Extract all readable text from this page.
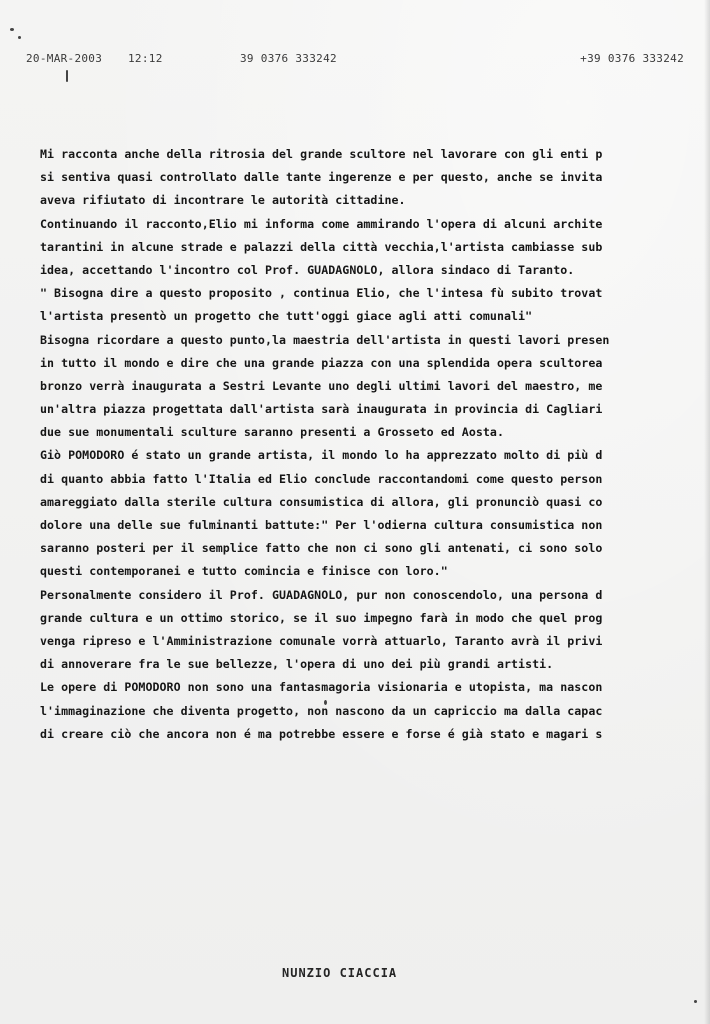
20-MAR-2003 12:12	39 0376 333242	+39 0376 333242
Mi racconta anche della ritrosia del grande scultore nel lavorare con gli enti p
si sentiva quasi controllato dalle tante ingerenze e per questo, anche se invita
aveva rifiutato di incontrare le autorità cittadine.
Continuando il racconto,Elio mi informa come ammirando l'opera di alcuni archite
tarantini in alcune strade e palazzi della città vecchia,l'artista cambiasse sub
idea, accettando l'incontro col Prof. GUADAGNOLO, allora sindaco di Taranto.
" Bisogna dire a questo proposito , continua Elio, che l'intesa fù subito trovat
l'artista presentò un progetto che tutt'oggi giace agli atti comunali"
Bisogna ricordare a questo punto,la maestria dell'artista in questi lavori presen
in tutto il mondo e dire che una grande piazza con una splendida opera scultorea
bronzo verrà inaugurata a Sestri Levante uno degli ultimi lavori del maestro, me
un'altra piazza progettata dall'artista sarà inaugurata in provincia di Cagliari
due sue monumentali sculture saranno presenti a Grosseto ed Aosta.
Giò POMODORO é stato un grande artista, il mondo lo ha apprezzato molto di più d
di quanto abbia fatto l'Italia ed Elio conclude raccontandomi come questo person
amareggiato dalla sterile cultura consumistica di allora, gli pronunciò quasi co
dolore una delle sue fulminanti battute:" Per l'odierna cultura consumistica non
saranno posteri per il semplice fatto che non ci sono gli antenati, ci sono solo
questi contemporanei e tutto comincia e finisce con loro."
Personalmente considero il Prof. GUADAGNOLO, pur non conoscendolo, una persona d
grande cultura e un ottimo storico, se il suo impegno farà in modo che quel prog
venga ripreso e l'Amministrazione comunale vorrà attuarlo, Taranto avrà il privi
di annoverare fra le sue bellezze, l'opera di uno dei più grandi artisti.
Le opere di POMODORO non sono una fantasmagoria visionaria e utopista, ma nascon
l'immaginazione che diventa progetto, non nascono da un capriccio ma dalla capac
di creare ciò che ancora non é ma potrebbe essere e forse é già stato e magari s
NUNZIO CIACCIA
